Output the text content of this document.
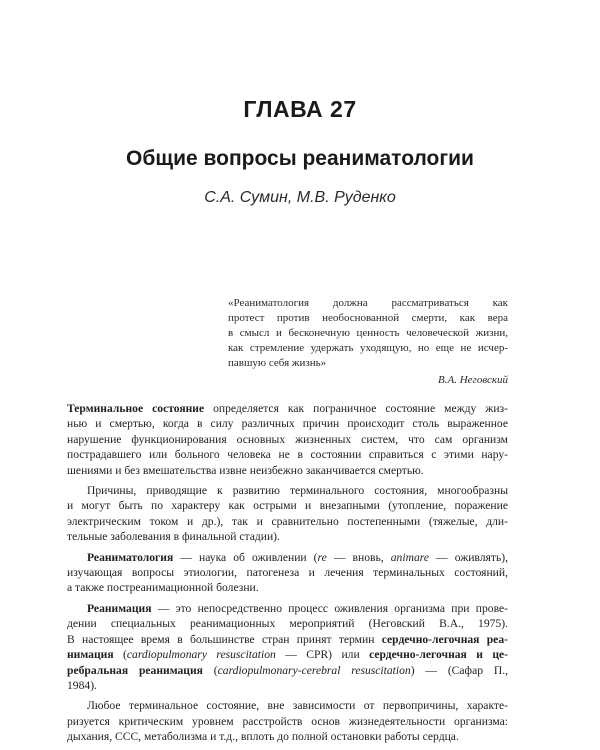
ГЛАВА 27
Общие вопросы реаниматологии
С.А. Сумин, М.В. Руденко
«Реаниматология должна рассматриваться как
протест против необоснованной смерти, как вера
в смысл и бесконечную ценность человеческой жизни,
как стремление удержать уходящую, но еще не исчер-
павшую себя жизнь»
В.А. Неговский
Терминальное состояние определяется как пограничное состояние между жиз-
нью и смертью, когда в силу различных причин происходит столь выраженное
нарушение функционирования основных жизненных систем, что сам организм
пострадавшего или больного человека не в состоянии справиться с этими нару-
шениями и без вмешательства извне неизбежно заканчивается смертью.
Причины, приводящие к развитию терминального состояния, многообразны
и могут быть по характеру как острыми и внезапными (утопление, поражение
электрическим током и др.), так и сравнительно постепенными (тяжелые, дли-
тельные заболевания в финальной стадии).
Реаниматология — наука об оживлении (re — вновь, animare — оживлять),
изучающая вопросы этиологии, патогенеза и лечения терминальных состояний,
а также постреанимационной болезни.
Реанимация — это непосредственно процесс оживления организма при прове-
дении специальных реанимационных мероприятий (Неговский В.А., 1975).
В настоящее время в большинстве стран принят термин сердечно-легочная реа-
нимация (cardiopulmonary resuscitation — CPR) или сердечно-легочная и це-
ребральная реанимация (cardiopulmonary-cerebral resuscitation) — (Сафар П.,
1984).
Любое терминальное состояние, вне зависимости от первопричины, характе-
ризуется критическим уровнем расстройств основ жизнедеятельности организма:
дыхания, ССС, метаболизма и т.д., вплоть до полной остановки работы сердца.
